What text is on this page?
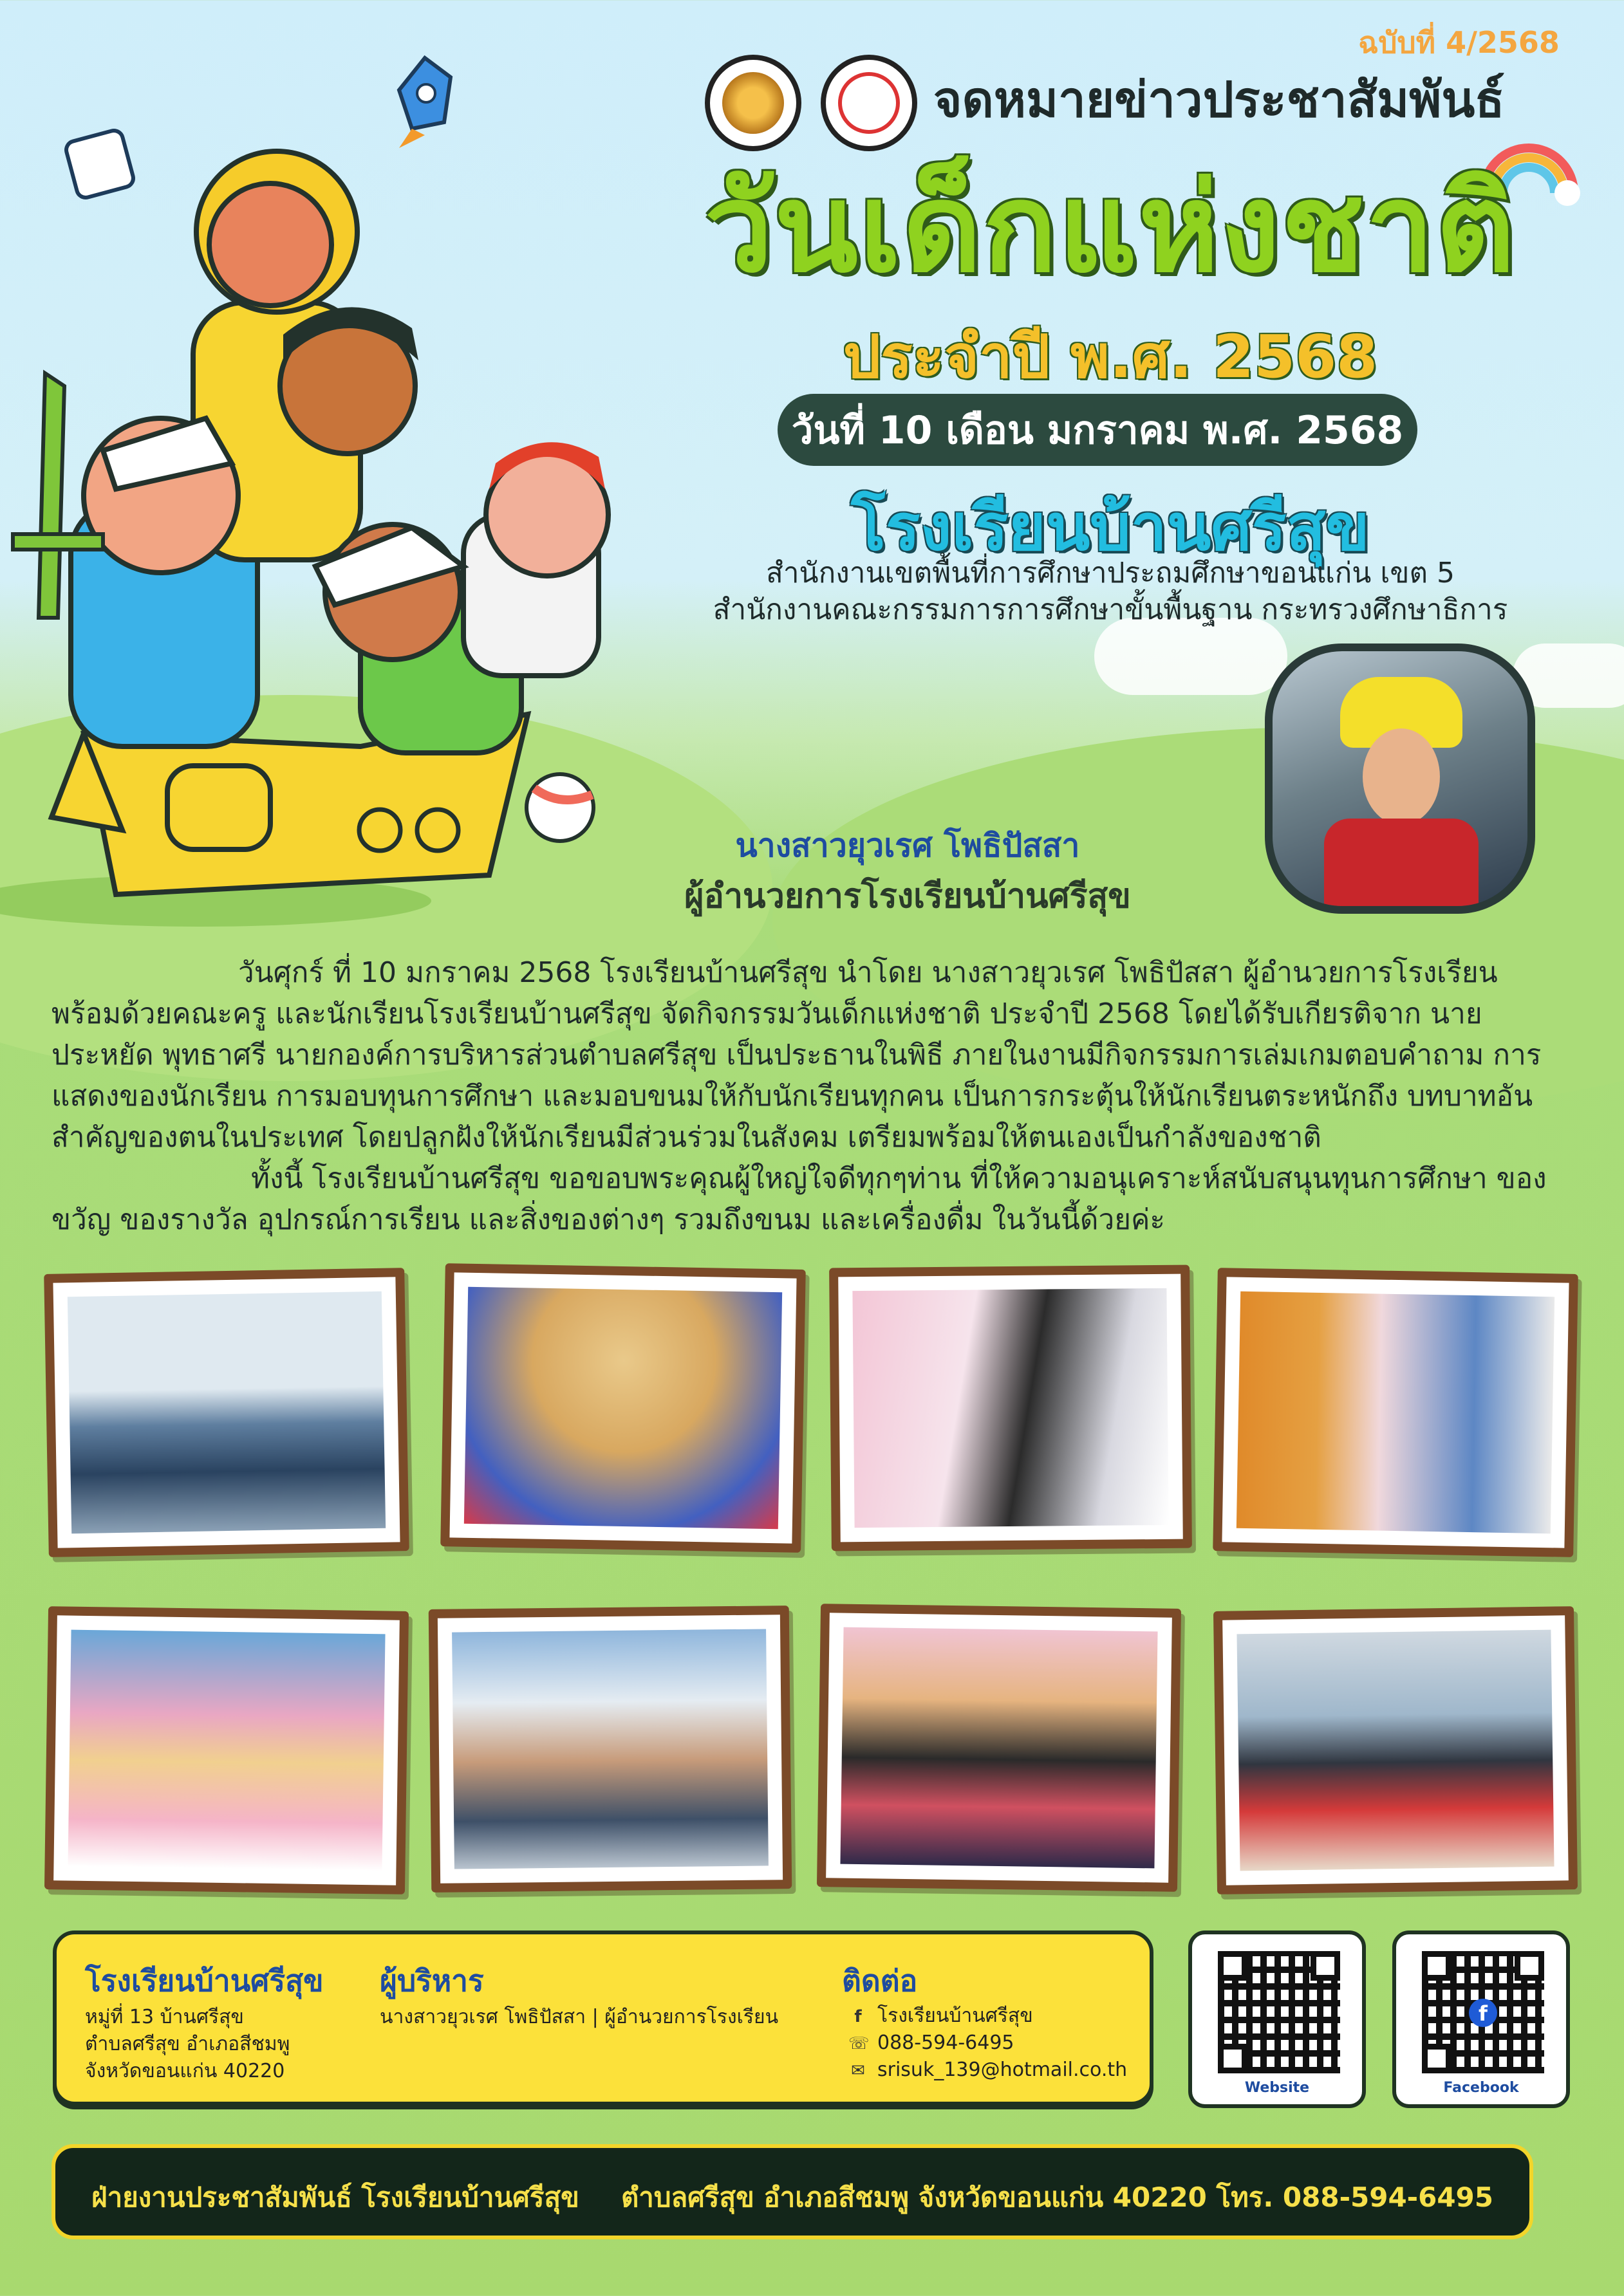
ฉบับที่ 4/2568
จดหมายข่าวประชาสัมพันธ์
วันเด็กแห่งชาติ
ประจำปี พ.ศ. 2568
วันที่ 10 เดือน มกราคม พ.ศ. 2568
โรงเรียนบ้านศรีสุข
สำนักงานเขตพื้นที่การศึกษาประถมศึกษาขอนแก่น เขต 5
สำนักงานคณะกรรมการการศึกษาขั้นพื้นฐาน กระทรวงศึกษาธิการ
นางสาวยุวเรศ โพธิปัสสา
ผู้อำนวยการโรงเรียนบ้านศรีสุข

วันศุกร์ ที่ 10 มกราคม 2568 โรงเรียนบ้านศรีสุข นำโดย นางสาวยุวเรศ โพธิปัสสา ผู้อำนวยการโรงเรียน พร้อมด้วยคณะครู และนักเรียนโรงเรียนบ้านศรีสุข จัดกิจกรรมวันเด็กแห่งชาติ ประจำปี 2568 โดยได้รับเกียรติจาก นายประหยัด พุทธาศรี นายกองค์การบริหารส่วนตำบลศรีสุข เป็นประธานในพิธี ภายในงานมีกิจกรรมการเล่มเกมตอบคำถาม การแสดงของนักเรียน การมอบทุนการศึกษา และมอบขนมให้กับนักเรียนทุกคน เป็นการกระตุ้นให้นักเรียนตระหนักถึง บทบาทอันสำคัญของตนในประเทศ โดยปลูกฝังให้นักเรียนมีส่วนร่วมในสังคม เตรียมพร้อมให้ตนเองเป็นกำลังของชาติ

ทั้งนี้ โรงเรียนบ้านศรีสุข ขอขอบพระคุณผู้ใหญ่ใจดีทุกๆท่าน ที่ให้ความอนุเคราะห์สนับสนุนทุนการศึกษา ของขวัญ ของรางวัล อุปกรณ์การเรียน และสิ่งของต่างๆ รวมถึงขนม และเครื่องดื่ม ในวันนี้ด้วยค่ะ

โรงเรียนบ้านศรีสุข
หมู่ที่ 13 บ้านศรีสุข
ตำบลศรีสุข อำเภอสีชมพู
จังหวัดขอนแก่น 40220
ผู้บริหาร
นางสาวยุวเรศ โพธิปัสสา | ผู้อำนวยการโรงเรียน
ติดต่อ
f โรงเรียนบ้านศรีสุข
☏ 088-594-6495
✉ srisuk_139@hotmail.co.th
Website
f
Facebook
ฝ่ายงานประชาสัมพันธ์ โรงเรียนบ้านศรีสุข ตำบลศรีสุข อำเภอสีชมพู จังหวัดขอนแก่น 40220 โทร. 088-594-6495
